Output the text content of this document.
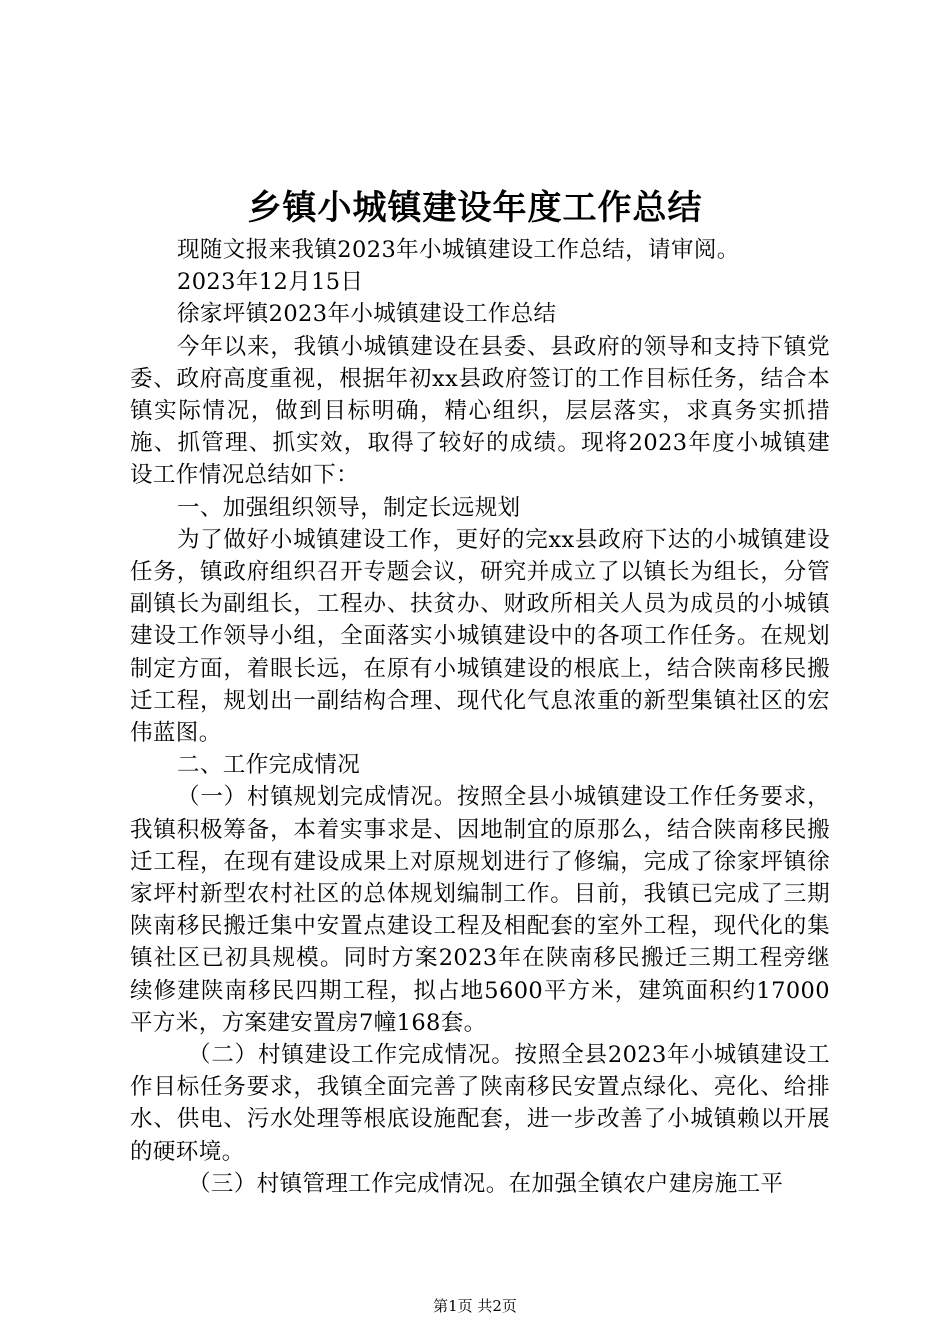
乡镇小城镇建设年度工作总结

现随文报来我镇2023年小城镇建设工作总结，请审阅。

2023年12月15日

徐家坪镇2023年小城镇建设工作总结

今年以来，我镇小城镇建设在县委、县政府的领导和支持下镇党委、政府高度重视，根据年初xx县政府签订的工作目标任务，结合本镇实际情况，做到目标明确，精心组织，层层落实，求真务实抓措施、抓管理、抓实效，取得了较好的成绩。现将2023年度小城镇建设工作情况总结如下：

一、加强组织领导，制定长远规划

为了做好小城镇建设工作，更好的完xx县政府下达的小城镇建设任务，镇政府组织召开专题会议，研究并成立了以镇长为组长，分管副镇长为副组长，工程办、扶贫办、财政所相关人员为成员的小城镇建设工作领导小组，全面落实小城镇建设中的各项工作任务。在规划制定方面，着眼长远，在原有小城镇建设的根底上，结合陕南移民搬迁工程，规划出一副结构合理、现代化气息浓重的新型集镇社区的宏伟蓝图。

二、工作完成情况

（一）村镇规划完成情况。按照全县小城镇建设工作任务要求，我镇积极筹备，本着实事求是、因地制宜的原那么，结合陕南移民搬迁工程，在现有建设成果上对原规划进行了修编，完成了徐家坪镇徐家坪村新型农村社区的总体规划编制工作。目前，我镇已完成了三期陕南移民搬迁集中安置点建设工程及相配套的室外工程，现代化的集镇社区已初具规模。同时方案2023年在陕南移民搬迁三期工程旁继续修建陕南移民四期工程，拟占地5600平方米，建筑面积约17000平方米，方案建安置房7幢168套。

（二）村镇建设工作完成情况。按照全县2023年小城镇建设工作目标任务要求，我镇全面完善了陕南移民安置点绿化、亮化、给排水、供电、污水处理等根底设施配套，进一步改善了小城镇赖以开展的硬环境。

（三）村镇管理工作完成情况。在加强全镇农户建房施工平

第1页 共2页
